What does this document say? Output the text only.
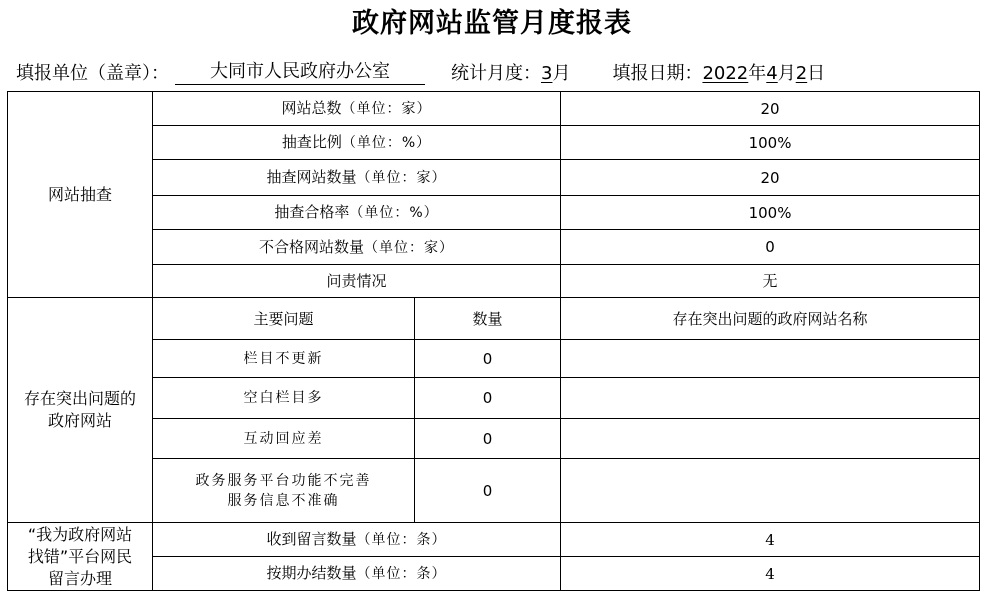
政府网站监管月度报表
填报单位（盖章）： 大同市人民政府办公室	统计月度：3月 填报日期：2022年4月2日
网站抽查	网站总数（单位：家）		20
	抽查比例（单位：%）		100%
	抽查网站数量（单位：家）		20
	抽查合格率（单位：%）		100%
	不合格网站数量（单位：家）		0
	问责情况		无

存在突出问题的
政府网站	主要问题	数量	存在突出问题的政府网站名称
	栏目不更新	0	
	空白栏目多	0	
	互动回应差	0	

	政务服务平台功能不完善
服务信息不准确	0	

“我为政府网站
找错”平台网民
留言办理	收到留言数量（单位：条）		4
	按期办结数量（单位：条）		4
